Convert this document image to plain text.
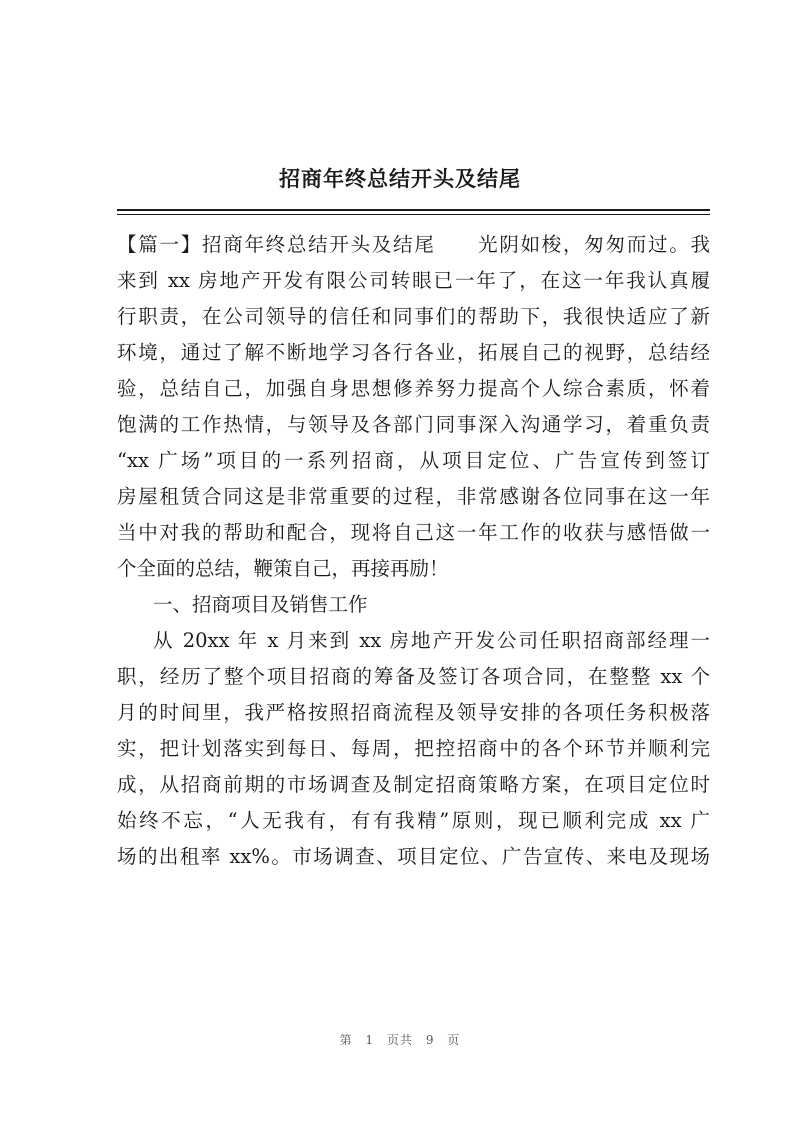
招商年终总结开头及结尾
【篇一】招商年终总结开头及结尾　　光阴如梭，匆匆而过。我
来到 xx 房地产开发有限公司转眼已一年了，在这一年我认真履
行职责，在公司领导的信任和同事们的帮助下，我很快适应了新
环境，通过了解不断地学习各行各业，拓展自己的视野，总结经
验，总结自己，加强自身思想修养努力提高个人综合素质，怀着
饱满的工作热情，与领导及各部门同事深入沟通学习，着重负责
“xx 广场”项目的一系列招商，从项目定位、广告宣传到签订
房屋租赁合同这是非常重要的过程，非常感谢各位同事在这一年
当中对我的帮助和配合，现将自己这一年工作的收获与感悟做一
个全面的总结，鞭策自己，再接再励！
一、招商项目及销售工作
从 20xx 年 x 月来到 xx 房地产开发公司任职招商部经理一
职，经历了整个项目招商的筹备及签订各项合同，在整整 xx 个
月的时间里，我严格按照招商流程及领导安排的各项任务积极落
实，把计划落实到每日、每周，把控招商中的各个环节并顺利完
成，从招商前期的市场调查及制定招商策略方案，在项目定位时
始终不忘，“人无我有，有有我精”原则，现已顺利完成 xx 广
场的出租率 xx%。市场调查、项目定位、广告宣传、来电及现场
第 1 页共 9 页
